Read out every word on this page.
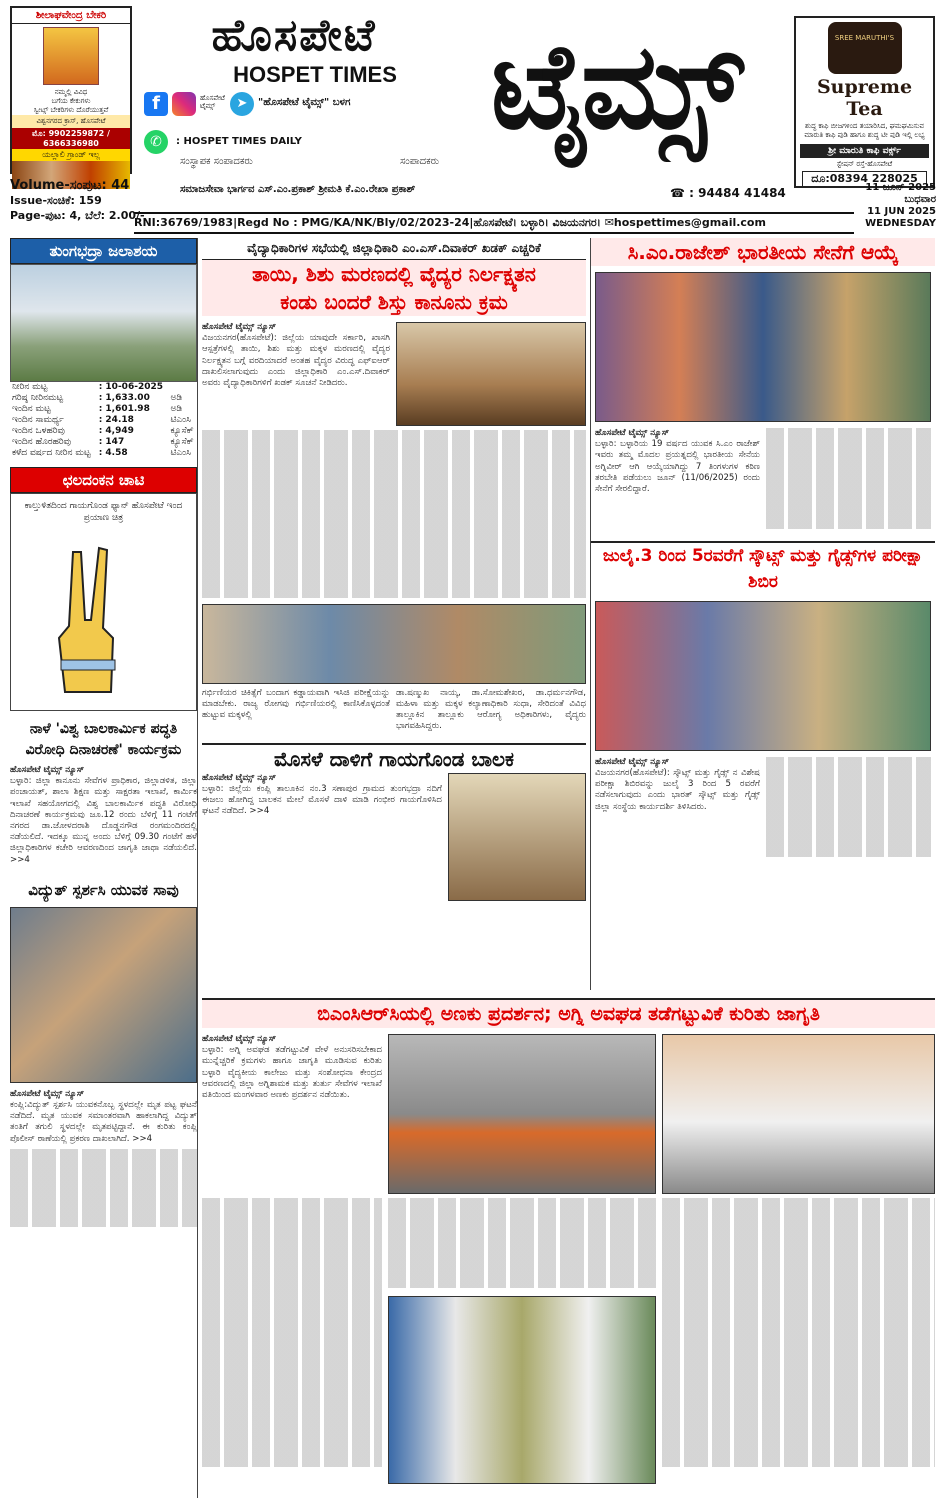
ಶೀಲಾಘವೇಂದ್ರ ಬೇಕರಿ
ನಮ್ಮಲ್ಲಿ ವಿವಿಧ
ಬಗೆಯ ಕೇಕುಗಳು
ಸ್ವೀಟ್ಸ್ ಬೇಕರಿಗಳು ದೊರೆಯುತ್ತವೆ
ವಿಶ್ವನಗರದ ಕ್ರಾಸ್, ಹೊಸಪೇಟೆ
ಮೊ: 9902259872 / 6366336980
ಯಲ್ಲಾಲಿ ಗ್ರಾಂಡ್ ಇಲ್ಲ
ಹೊಸಪೇಟೆ
HOSPET TIMES ಟೈಮ್ಸ್
f	ಹೊಸಪೇಟೆ ಟೈಮ್ಸ್	➤	"ಹೊಸಪೇಟೆ ಟೈಮ್ಸ್" ಬಳಗ
✆	: HOSPET TIMES DAILY
SREE MARUTHI'S
Supreme Tea
ಶುದ್ಧ ಕಾಫಿ ಬೀಜಗಳಿಂದ ತಯಾರಿಸಿದ, ಘಮಘಮಿಸುವ ಮಾರುತಿ ಕಾಫಿ ಪುಡಿ ಹಾಗೂ ಶುದ್ಧ ಟೀ ಪುಡಿ ಇಲ್ಲಿ ಲಭ್ಯ
ಶ್ರೀ ಮಾರುತಿ ಕಾಫಿ ವರ್ಕ್ಸ್
ಸ್ಟೇಷನ್ ರಸ್ತೆ-ಹೊಸಪೇಟೆ
ದೂ:08394 228025
ಸಂಸ್ಥಾಪಕ ಸಂಪಾದಕರು	ಸಂಪಾದಕರು
ಸಮಾಜಸೇವಾ ಭಾರ್ಗವ ಎಸ್.ಎಂ.ಪ್ರಕಾಶ್ ಶ್ರೀಮತಿ ಕೆ.ಎಂ.ರೇಖಾ ಪ್ರಕಾಶ್
Volume-ಸಂಪುಟ: 44
Issue-ಸಂಚಿಕೆ: 159
Page-ಪುಟ: 4, ಬೆಲೆ: 2.00/-
☎ : 94484 41484	11 ಜೂನ್ 2025
ಬುಧವಾರ
11 JUN 2025
WEDNESDAY
RNI:36769/1983|Regd No : PMG/KA/NK/Bly/02/2023-24|ಹೊಸಪೇಟೆ। ಬಳ್ಳಾರಿ। ವಿಜಯನಗರ। ✉hospettimes@gmail.com
ತುಂಗಭದ್ರಾ ಜಲಾಶಯ
ನೀರಿನ ಮಟ್ಟ	: 10-06-2025	
ಗರಿಷ್ಠ ನೀರಿನಮಟ್ಟ	: 1,633.00	ಅಡಿ
ಇಂದಿನ ಮಟ್ಟ	: 1,601.98	ಅಡಿ
ಇಂದಿನ ಸಾಮರ್ಥ್ಯ	: 24.18	ಟಿಎಂಸಿ
ಇಂದಿನ ಒಳಹರಿವು	: 4,949	ಕ್ಯೂಸೆಕ್
ಇಂದಿನ ಹೊರಹರಿವು	: 147	ಕ್ಯೂಸೆಕ್
ಕಳೆದ ವರ್ಷದ ನೀರಿನ ಮಟ್ಟ	: 4.58	ಟಿಎಂಸಿ
ಛಲದಂಕನ ಚಾಟಿ
ಕಾಲ್ತುಳಿತದಿಂದ ಗಾಯಗೊಂಡ ಫ್ಯಾನ್ ಹೊಸಪೇಟೆ ಇಂದ ಪ್ರಯಾಣ ಚಿತ್ರ
ನಾಳೆ 'ವಿಶ್ವ ಬಾಲಕಾರ್ಮಿಕ ಪದ್ಧತಿ ವಿರೋಧಿ ದಿನಾಚರಣೆ' ಕಾರ್ಯಕ್ರಮ
ಹೊಸಪೇಟೆ ಟೈಮ್ಸ್ ನ್ಯೂಸ್
ಬಳ್ಳಾರಿ: ಜಿಲ್ಲಾ ಕಾನೂನು ಸೇವೆಗಳ ಪ್ರಾಧಿಕಾರ, ಜಿಲ್ಲಾಡಳಿತ, ಜಿಲ್ಲಾ ಪಂಚಾಯತ್, ಶಾಲಾ ಶಿಕ್ಷಣ ಮತ್ತು ಸಾಕ್ಷರತಾ ಇಲಾಖೆ, ಕಾರ್ಮಿಕ ಇಲಾಖೆ ಸಹಯೋಗದಲ್ಲಿ ವಿಶ್ವ ಬಾಲಕಾರ್ಮಿಕ ಪದ್ಧತಿ ವಿರೋಧಿ ದಿನಾಚರಣೆ ಕಾರ್ಯಕ್ರಮವು ಜೂ.12 ರಂದು ಬೆಳಿಗ್ಗೆ 11 ಗಂಟೆಗೆ ನಗರದ ಡಾ.ಜೋಳದರಾಶಿ ದೊಡ್ಡನಗೌಡ ರಂಗಮಂದಿರದಲ್ಲಿ ನಡೆಯಲಿದೆ. ಇದಕ್ಕೂ ಮುನ್ನ ಅಂದು ಬೆಳಿಗ್ಗೆ 09.30 ಗಂಟೆಗೆ ಹಳೆ ಜಿಲ್ಲಾಧಿಕಾರಿಗಳ ಕಚೇರಿ ಆವರಣದಿಂದ ಜಾಗೃತಿ ಜಾಥಾ ನಡೆಯಲಿದೆ. >>4
ವಿದ್ಯುತ್ ಸ್ಪರ್ಶಸಿ ಯುವಕ ಸಾವು
ಹೊಸಪೇಟೆ ಟೈಮ್ಸ್ ನ್ಯೂಸ್
ಕಂಪ್ಲಿ:ವಿದ್ಯುತ್ ಸ್ಪರ್ಶಸಿ ಯುವಕನೊಬ್ಬ ಸ್ಥಳದಲ್ಲೇ ಮೃತ ಪಟ್ಟ ಘಟನೆ ನಡೆದಿದೆ. ಮೃತ ಯುವಕ ಸಮಾಂತರವಾಗಿ ಹಾಕಲಾಗಿದ್ದ ವಿದ್ಯುತ್ ತಂತಿಗೆ ತಗುಲಿ ಸ್ಥಳದಲ್ಲೇ ಮೃತಪಟ್ಟಿದ್ದಾನೆ. ಈ ಕುರಿತು ಕಂಪ್ಲಿ ಪೊಲೀಸ್ ಠಾಣೆಯಲ್ಲಿ ಪ್ರಕರಣ ದಾಖಲಾಗಿದೆ. >>4
ವೈದ್ಯಾಧಿಕಾರಿಗಳ ಸಭೆಯಲ್ಲಿ ಜಿಲ್ಲಾಧಿಕಾರಿ ಎಂ.ಎಸ್.ದಿವಾಕರ್ ಖಡಕ್ ಎಚ್ಚರಿಕೆ
ತಾಯಿ, ಶಿಶು ಮರಣದಲ್ಲಿ ವೈದ್ಯರ ನಿರ್ಲಕ್ಷ್ಯತನ
ಕಂಡು ಬಂದರೆ ಶಿಸ್ತು ಕಾನೂನು ಕ್ರಮ
ಹೊಸಪೇಟೆ ಟೈಮ್ಸ್ ನ್ಯೂಸ್
ವಿಜಯನಗರ(ಹೊಸಪೇಟೆ): ಜಿಲ್ಲೆಯ ಯಾವುದೇ ಸರ್ಕಾರಿ, ಖಾಸಗಿ ಆಸ್ಪತ್ರೆಗಳಲ್ಲಿ ತಾಯಿ, ಶಿಶು ಮತ್ತು ಮಕ್ಕಳ ಮರಣದಲ್ಲಿ ವೈದ್ಯರ ನಿರ್ಲಕ್ಷ್ಯತನ ಬಗ್ಗೆ ವರದಿಯಾದರೆ ಅಂತಹ ವೈದ್ಯರ ವಿರುದ್ಧ ಎಫ್ಐಆರ್ ದಾಖಲಿಸಲಾಗುವುದು ಎಂದು ಜಿಲ್ಲಾಧಿಕಾರಿ ಎಂ.ಎಸ್.ದಿವಾಕರ್ ಅವರು ವೈದ್ಯಾಧಿಕಾರಿಗಳಿಗೆ ಖಡಕ್ ಸೂಚನೆ ನೀಡಿದರು.
ಗರ್ಭಿಣಿಯರ ಚಿಕಿತ್ಸೆಗೆ ಬಂದಾಗ ಕಡ್ಡಾಯವಾಗಿ ಇಸಿಜಿ ಪರೀಕ್ಷೆಯನ್ನು ಮಾಡಬೇಕು. ರಾಜ್ಯ ರೋಗವು ಗರ್ಭಿಣಿಯರಲ್ಲಿ ಕಾಣಿಸಿಕೊಳ್ಳದಂತೆ ಹುಟ್ಟುವ ಮಕ್ಕಳಲ್ಲಿ
ಡಾ.ಷಣ್ಮುಖ ನಾಯ್ಕ, ಡಾ.ಸೋಮಶೇಖರ, ಡಾ.ಧರ್ಮನಗೌಡ, ಮಹಿಳಾ ಮತ್ತು ಮಕ್ಕಳ ಕಲ್ಯಾಣಾಧಿಕಾರಿ ಸುಧಾ, ಸೇರಿದಂತೆ ವಿವಿಧ ತಾಲ್ಲೂಕಿನ ತಾಲ್ಲೂಕು ಆರೋಗ್ಯ ಅಧಿಕಾರಿಗಳು, ವೈದ್ಯರು ಭಾಗವಹಿಸಿದ್ದರು.
ಮೊಸಳೆ ದಾಳಿಗೆ ಗಾಯಗೊಂಡ ಬಾಲಕ
ಹೊಸಪೇಟೆ ಟೈಮ್ಸ್ ನ್ಯೂಸ್
ಬಳ್ಳಾರಿ: ಜಿಲ್ಲೆಯ ಕಂಪ್ಲಿ ತಾಲೂಕಿನ ನಂ.3 ಸಣಾಪುರ ಗ್ರಾಮದ ತುಂಗಭದ್ರಾ ನದಿಗೆ ಈಜಲು ಹೋಗಿದ್ದ ಬಾಲಕನ ಮೇಲೆ ಮೊಸಳೆ ದಾಳಿ ಮಾಡಿ ಗಂಭೀರ ಗಾಯಗೊಳಿಸಿದ ಘಟನೆ ನಡೆದಿದೆ. >>4
ಸಿ.ಎಂ.ರಾಜೇಶ್ ಭಾರತೀಯ ಸೇನೆಗೆ ಆಯ್ಕೆ
ಹೊಸಪೇಟೆ ಟೈಮ್ಸ್ ನ್ಯೂಸ್
ಬಳ್ಳಾರಿ: ಬಳ್ಳಾರಿಯ 19 ವರ್ಷದ ಯುವಕ ಸಿ.ಎಂ ರಾಜೇಶ್ ಇವರು ತಮ್ಮ ಮೊದಲ ಪ್ರಯತ್ನದಲ್ಲಿ ಭಾರತೀಯ ಸೇನೆಯ ಅಗ್ನಿವೀರ್ ಆಗಿ ಆಯ್ಕೆಯಾಗಿದ್ದು 7 ತಿಂಗಳುಗಳ ಕಠಿಣ ತರಬೇತಿ ಪಡೆಯಲು ಜೂನ್ (11/06/2025) ರಂದು ಸೇನೆಗೆ ಸೇರಲಿದ್ದಾರೆ.
ಜುಲೈ.3 ರಿಂದ 5ರವರೆಗೆ ಸ್ಕೌಟ್ಸ್ ಮತ್ತು ಗೈಡ್ಸ್‌ಗಳ ಪರೀಕ್ಷಾ ಶಿಬಿರ
ಹೊಸಪೇಟೆ ಟೈಮ್ಸ್ ನ್ಯೂಸ್
ವಿಜಯನಗರ(ಹೊಸಪೇಟೆ): ಸ್ಕೌಟ್ಸ್ ಮತ್ತು ಗೈಡ್ಸ್ ನ ವಿಶೇಷ ಪರೀಕ್ಷಾ ಶಿಬಿರವನ್ನು ಜುಲೈ 3 ರಿಂದ 5 ರವರೆಗೆ ನಡೆಸಲಾಗುವುದು ಎಂದು ಭಾರತ್ ಸ್ಕೌಟ್ಸ್ ಮತ್ತು ಗೈಡ್ಸ್ ಜಿಲ್ಲಾ ಸಂಸ್ಥೆಯ ಕಾರ್ಯದರ್ಶಿ ತಿಳಿಸಿದರು.
ಬಿಎಂಸಿಆರ್‌ಸಿಯಲ್ಲಿ ಅಣಕು ಪ್ರದರ್ಶನ; ಅಗ್ನಿ ಅವಘಡ ತಡೆಗಟ್ಟುವಿಕೆ ಕುರಿತು ಜಾಗೃತಿ
ಹೊಸಪೇಟೆ ಟೈಮ್ಸ್ ನ್ಯೂಸ್
ಬಳ್ಳಾರಿ: ಅಗ್ನಿ ಅವಘಡ ತಡೆಗಟ್ಟುವಿಕೆ ವೇಳೆ ಅನುಸರಿಸಬೇಕಾದ ಮುನ್ನೆಚ್ಚರಿಕೆ ಕ್ರಮಗಳು ಹಾಗೂ ಜಾಗೃತಿ ಮೂಡಿಸುವ ಕುರಿತು ಬಳ್ಳಾರಿ ವೈದ್ಯಕೀಯ ಕಾಲೇಜು ಮತ್ತು ಸಂಶೋಧನಾ ಕೇಂದ್ರದ ಆವರಣದಲ್ಲಿ ಜಿಲ್ಲಾ ಅಗ್ನಿಶಾಮಕ ಮತ್ತು ತುರ್ತು ಸೇವೆಗಳ ಇಲಾಖೆ ವತಿಯಿಂದ ಮಂಗಳವಾರ ಅಣಕು ಪ್ರದರ್ಶನ ನಡೆಯಿತು.
